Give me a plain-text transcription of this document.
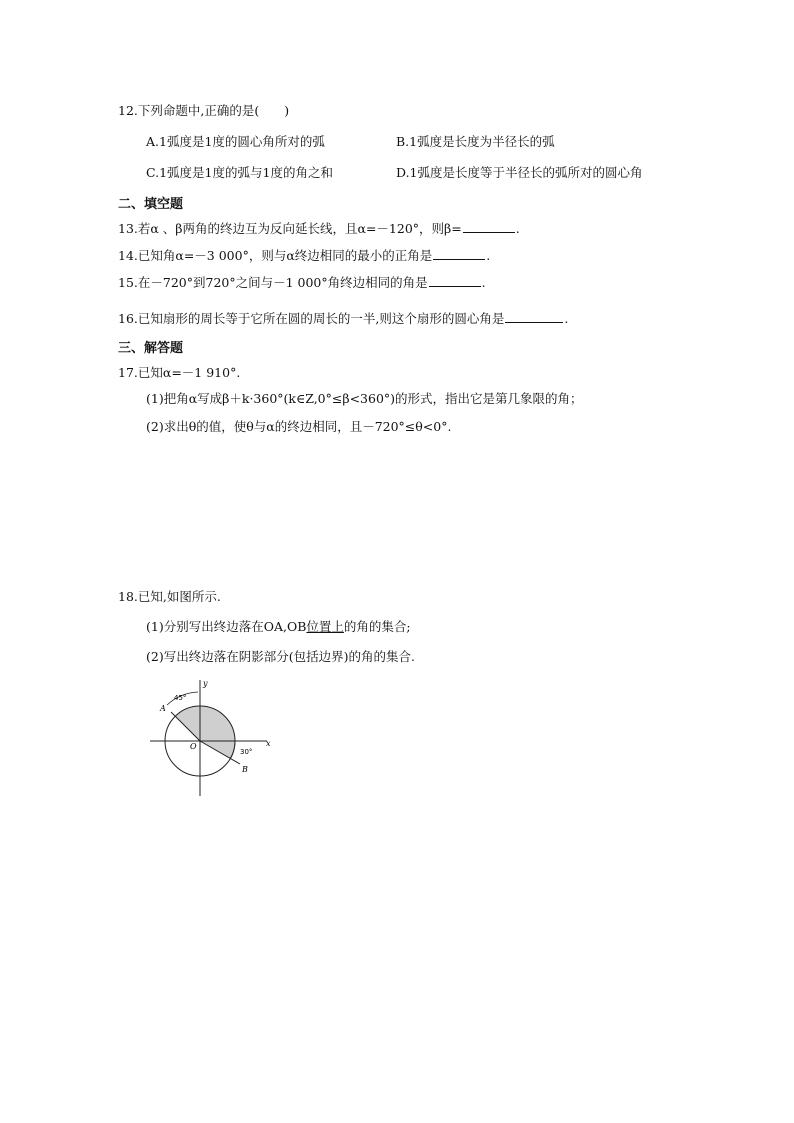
12.下列命题中,正确的是(　　)
A.1弧度是1度的圆心角所对的弧	B.1弧度是长度为半径长的弧
C.1弧度是1度的弧与1度的角之和	D.1弧度是长度等于半径长的弧所对的圆心角
二、填空题
13.若α 、β两角的终边互为反向延长线，且α=－120°，则β=	.
14.已知角α=－3 000°，则与α终边相同的最小的正角是	.
15.在－720°到720°之间与－1 000°角终边相同的角是	.
16.已知扇形的周长等于它所在圆的周长的一半,则这个扇形的圆心角是	.
三、解答题
17.已知α=－1 910°.
(1)把角α写成β＋k·360°(k∈Z,0°≤β<360°)的形式，指出它是第几象限的角；
(2)求出θ的值，使θ与α的终边相同，且－720°≤θ<0°.
18.已知,如图所示.
(1)分别写出终边落在OA,OB位置上的角的集合;
(2)写出终边落在阴影部分(包括边界)的角的集合.
y
x
O
A
B
45°
30°
